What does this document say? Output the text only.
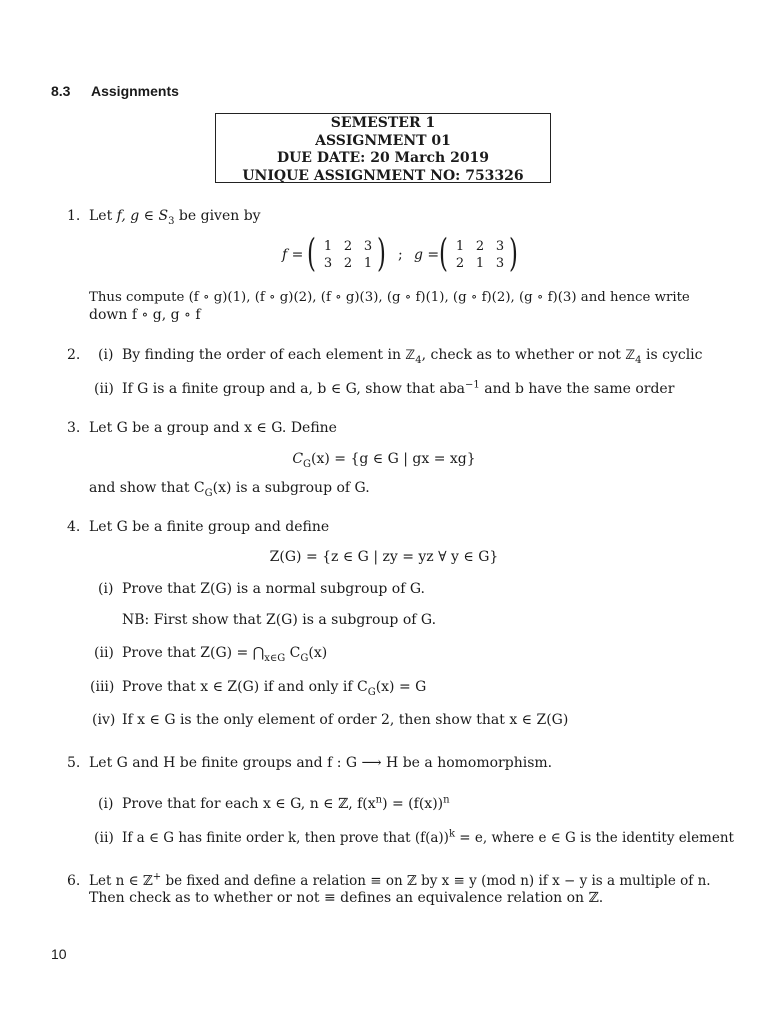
8.3 Assignments
SEMESTER 1
ASSIGNMENT 01
DUE DATE: 20 March 2019
UNIQUE ASSIGNMENT NO: 753326
1. Let f, g ∈ $S_3$ be given by
f = ( 1 2 3
3 2 1 ) ; g = ( 1 2 3
2 1 3 )
Thus compute (f ∘ g)(1), (f ∘ g)(2), (f ∘ g)(3), (g ∘ f)(1), (g ∘ f)(2), (g ∘ f)(3) and hence write
down f ∘ g, g ∘ f
2. (i) By finding the order of each element in ℤ$_4$, check as to whether or not ℤ$_4$ is cyclic
(ii) If G is a finite group and a, b ∈ G, show that aba$^{-1}$ and b have the same order
3. Let G be a group and x ∈ G. Define
$C_G(x) = \{g$ ∈ G | gx = xg}
and show that $C_G(x)$ is a subgroup of G.
4. Let G be a finite group and define
Z(G) = {z ∈ G | zy = yz ∀ y ∈ G}
(i) Prove that Z(G) is a normal subgroup of G.
NB: First show that Z(G) is a subgroup of G.
(ii) Prove that $Z(G) = ⋂_{x\in G}$ $C_G(x)$
(iii) Prove that x ∈ Z(G) if and only if $C_G(x) = G$
(iv) If x ∈ G is the only element of order 2, then show that x ∈ Z(G)
5. Let G and H be finite groups and f : G ⟶ H be a homomorphism.
(i) Prove that for each x ∈ G, n ∈ ℤ, $f(x^n) = (f(x))^n$
(ii) If a ∈ G has finite order k, then prove that $(f(a))^k = e$, where e ∈ G is the identity element
6. Let n ∈ ℤ+ be fixed and define a relation ≡ on ℤ by x ≡ y (mod n) if x − y is a multiple of n.
Then check as to whether or not ≡ defines an equivalence relation on ℤ.
10
